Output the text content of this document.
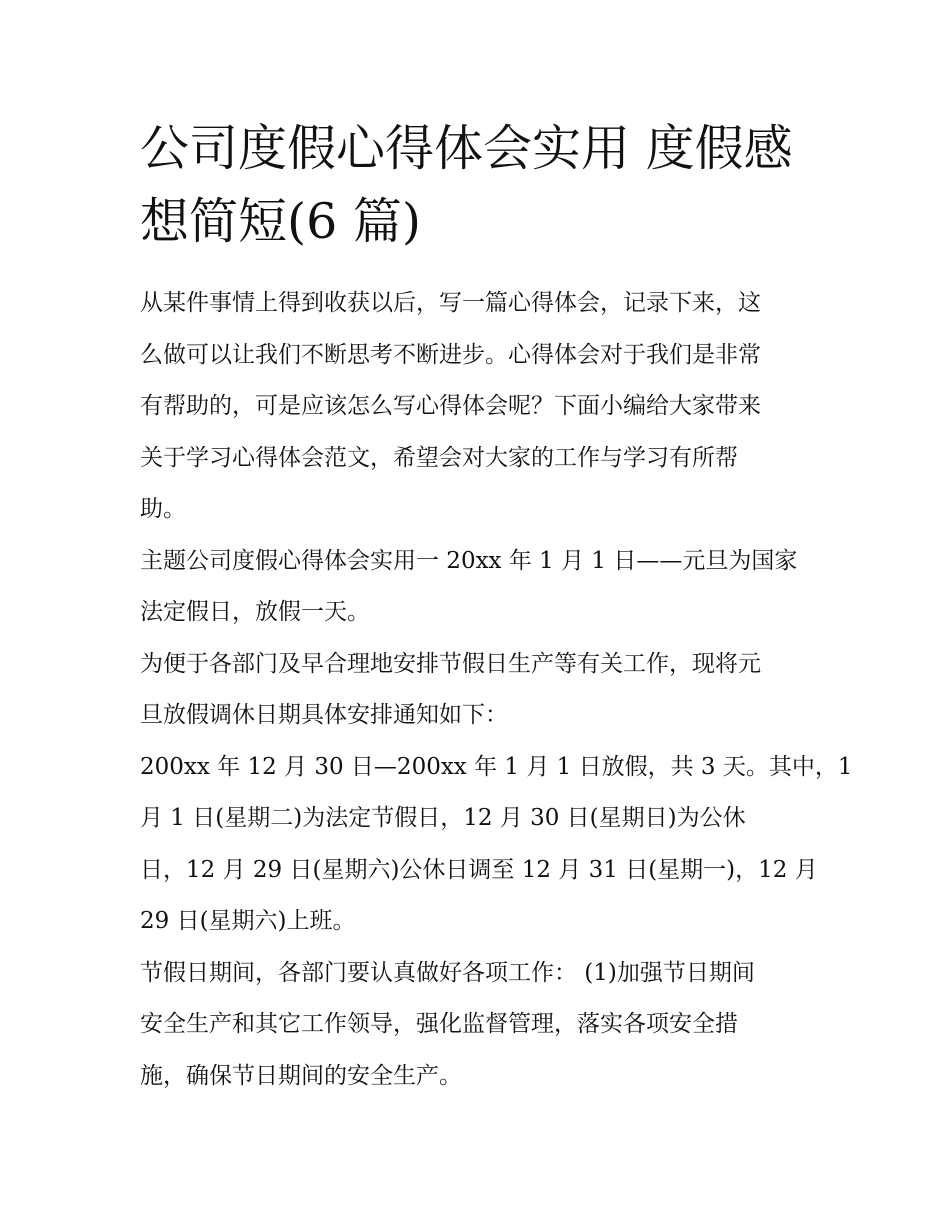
公司度假心得体会实用 度假感
想简短(6 篇)
从某件事情上得到收获以后，写一篇心得体会，记录下来，这
么做可以让我们不断思考不断进步。心得体会对于我们是非常
有帮助的，可是应该怎么写心得体会呢？下面小编给大家带来
关于学习心得体会范文，希望会对大家的工作与学习有所帮
助。
主题公司度假心得体会实用一 20xx 年 1 月 1 日——元旦为国家
法定假日，放假一天。
为便于各部门及早合理地安排节假日生产等有关工作，现将元
旦放假调休日期具体安排通知如下：
200xx 年 12 月 30 日—200xx 年 1 月 1 日放假，共 3 天。其中，1
月 1 日(星期二)为法定节假日，12 月 30 日(星期日)为公休
日，12 月 29 日(星期六)公休日调至 12 月 31 日(星期一)，12 月
29 日(星期六)上班。
节假日期间，各部门要认真做好各项工作： (1)加强节日期间
安全生产和其它工作领导，强化监督管理，落实各项安全措
施，确保节日期间的安全生产。
